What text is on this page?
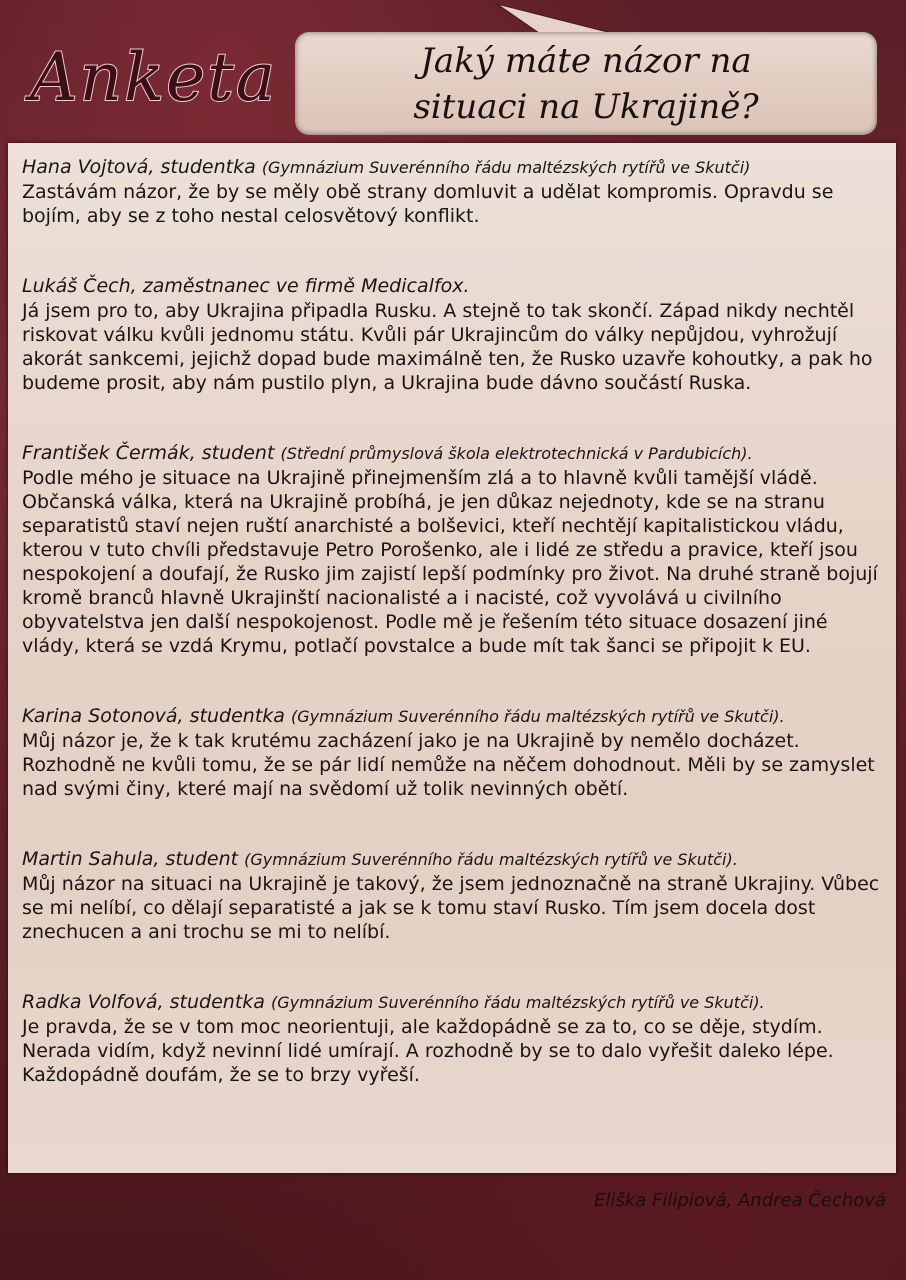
Anketa	Jaký máte názor na
situaci na Ukrajině?
Hana Vojtová, studentka (Gymnázium Suverénního řádu maltézských rytířů ve Skutči)
Zastávám názor, že by se měly obě strany domluvit a udělat kompromis. Opravdu se bojím, aby se z toho nestal celosvětový konflikt.
Lukáš Čech, zaměstnanec ve firmě Medicalfox.
Já jsem pro to, aby Ukrajina připadla Rusku. A stejně to tak skončí. Západ nikdy nechtěl riskovat válku kvůli jednomu státu. Kvůli pár Ukrajincům do války nepůjdou, vyhrožují akorát sankcemi, jejichž dopad bude maximálně ten, že Rusko uzavře kohoutky, a pak ho budeme prosit, aby nám pustilo plyn, a Ukrajina bude dávno součástí Ruska.
František Čermák, student (Střední průmyslová škola elektrotechnická v Pardubicích).
Podle mého je situace na Ukrajině přinejmenším zlá a to hlavně kvůli tamější vládě. Občanská válka, která na Ukrajině probíhá, je jen důkaz nejednoty, kde se na stranu separatistů staví nejen ruští anarchisté a bolševici, kteří nechtějí kapitalistickou vládu, kterou v tuto chvíli představuje Petro Porošenko, ale i lidé ze středu a pravice, kteří jsou nespokojení a doufají, že Rusko jim zajistí lepší podmínky pro život. Na druhé straně bojují kromě branců hlavně Ukrajinští nacionalisté a i nacisté, což vyvolává u civilního obyvatelstva jen další nespokojenost. Podle mě je řešením této situace dosazení jiné vlády, která se vzdá Krymu, potlačí povstalce a bude mít tak šanci se připojit k EU.
Karina Sotonová, studentka (Gymnázium Suverénního řádu maltézských rytířů ve Skutči).
Můj názor je, že k tak krutému zacházení jako je na Ukrajině by nemělo docházet. Rozhodně ne kvůli tomu, že se pár lidí nemůže na něčem dohodnout. Měli by se zamyslet nad svými činy, které mají na svědomí už tolik nevinných obětí.
Martin Sahula, student (Gymnázium Suverénního řádu maltézských rytířů ve Skutči).
Můj názor na situaci na Ukrajině je takový, že jsem jednoznačně na straně Ukrajiny. Vůbec se mi nelíbí, co dělají separatisté a jak se k tomu staví Rusko. Tím jsem docela dost znechucen a ani trochu se mi to nelíbí.
Radka Volfová, studentka (Gymnázium Suverénního řádu maltézských rytířů ve Skutči).
Je pravda, že se v tom moc neorientuji, ale každopádně se za to, co se děje, stydím. Nerada vidím, když nevinní lidé umírají. A rozhodně by se to dalo vyřešit daleko lépe. Každopádně doufám, že se to brzy vyřeší.
Eliška Filipiová, Andrea Čechová
